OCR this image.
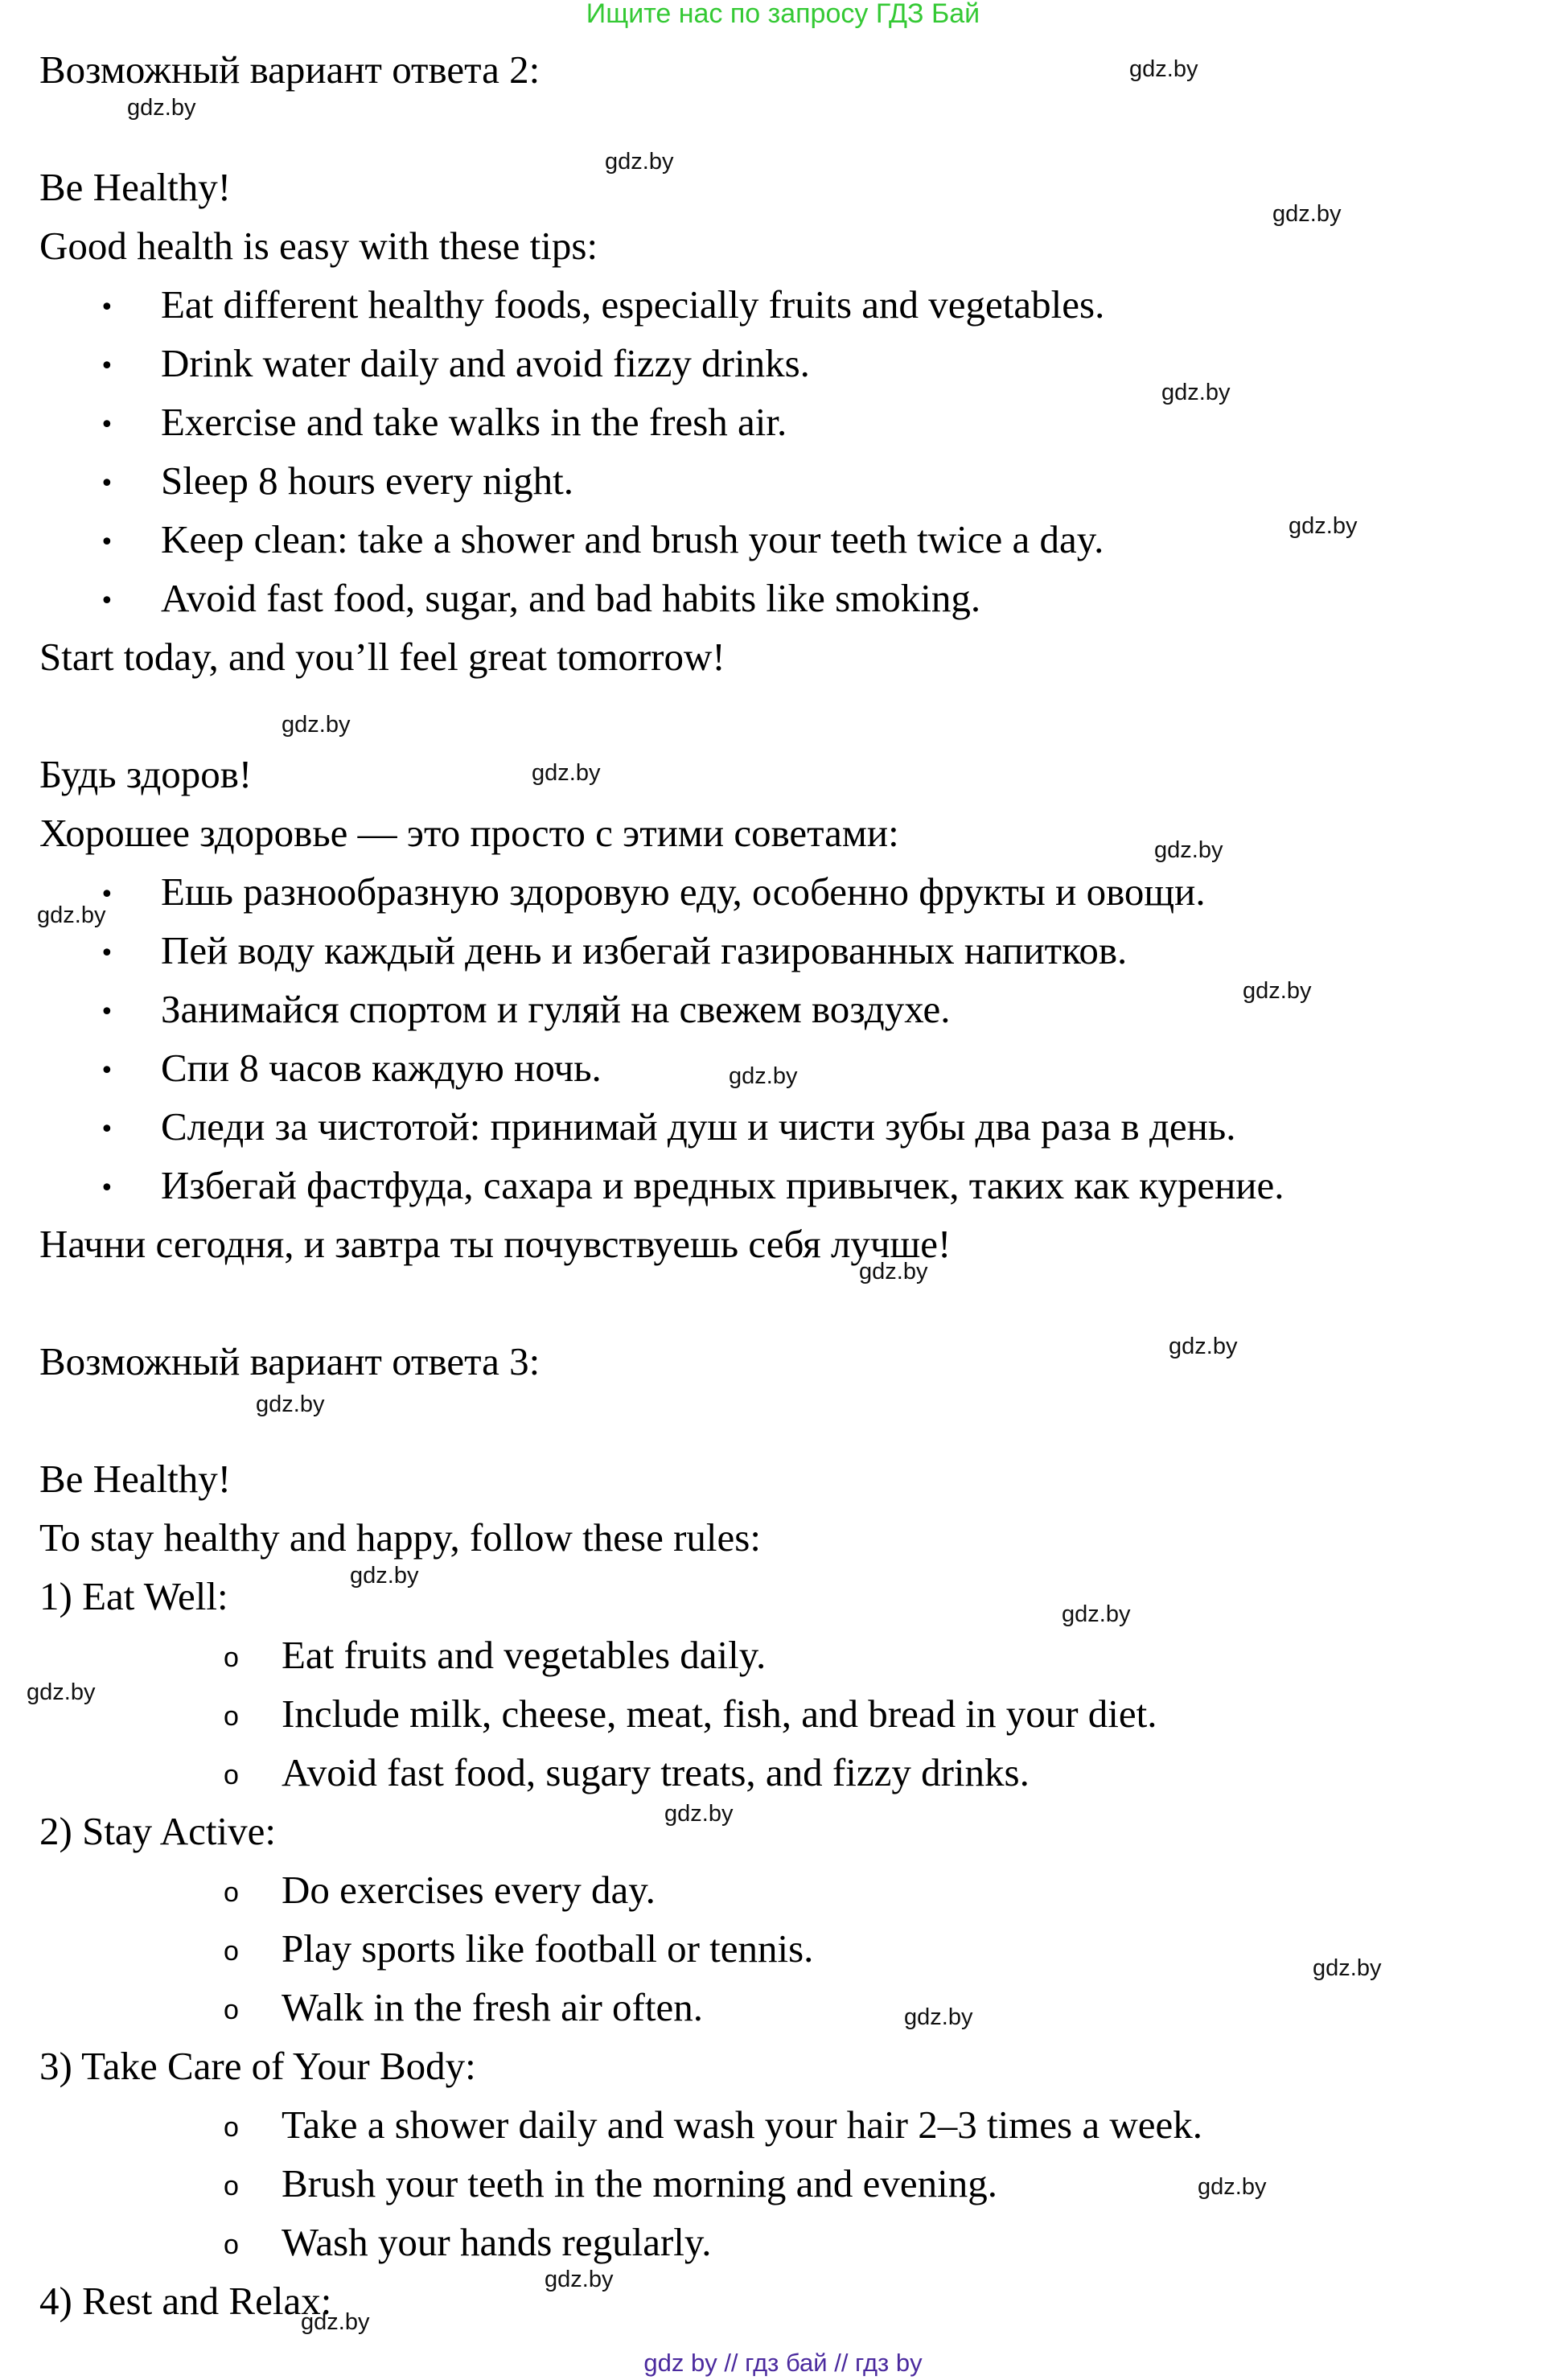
Ищите нас по запросу ГДЗ Бай
Возможный вариант ответа 2:
Be Healthy!
Good health is easy with these tips:
• Eat different healthy foods, especially fruits and vegetables.
• Drink water daily and avoid fizzy drinks.
• Exercise and take walks in the fresh air.
• Sleep 8 hours every night.
• Keep clean: take a shower and brush your teeth twice a day.
• Avoid fast food, sugar, and bad habits like smoking.
Start today, and you’ll feel great tomorrow!
Будь здоров!
Хорошее здоровье — это просто с этими советами:
• Ешь разнообразную здоровую еду, особенно фрукты и овощи.
• Пей воду каждый день и избегай газированных напитков.
• Занимайся спортом и гуляй на свежем воздухе.
• Спи 8 часов каждую ночь.
• Следи за чистотой: принимай душ и чисти зубы два раза в день.
• Избегай фастфуда, сахара и вредных привычек, таких как курение.
Начни сегодня, и завтра ты почувствуешь себя лучше!
Возможный вариант ответа 3:
Be Healthy!
To stay healthy and happy, follow these rules:
1) Eat Well:
o Eat fruits and vegetables daily.
o Include milk, cheese, meat, fish, and bread in your diet.
o Avoid fast food, sugary treats, and fizzy drinks.
2) Stay Active:
o Do exercises every day.
o Play sports like football or tennis.
o Walk in the fresh air often.
3) Take Care of Your Body:
o Take a shower daily and wash your hair 2–3 times a week.
o Brush your teeth in the morning and evening.
o Wash your hands regularly.
4) Rest and Relax:
gdz.by
gdz.by
gdz.by
gdz.by
gdz.by
gdz.by
gdz.by
gdz.by
gdz.by
gdz.by
gdz.by
gdz.by
gdz.by
gdz.by
gdz.by
gdz.by
gdz.by
gdz.by
gdz.by
gdz.by
gdz.by
gdz.by
gdz.by
gdz.by
gdz by // гдз бай // гдз by
